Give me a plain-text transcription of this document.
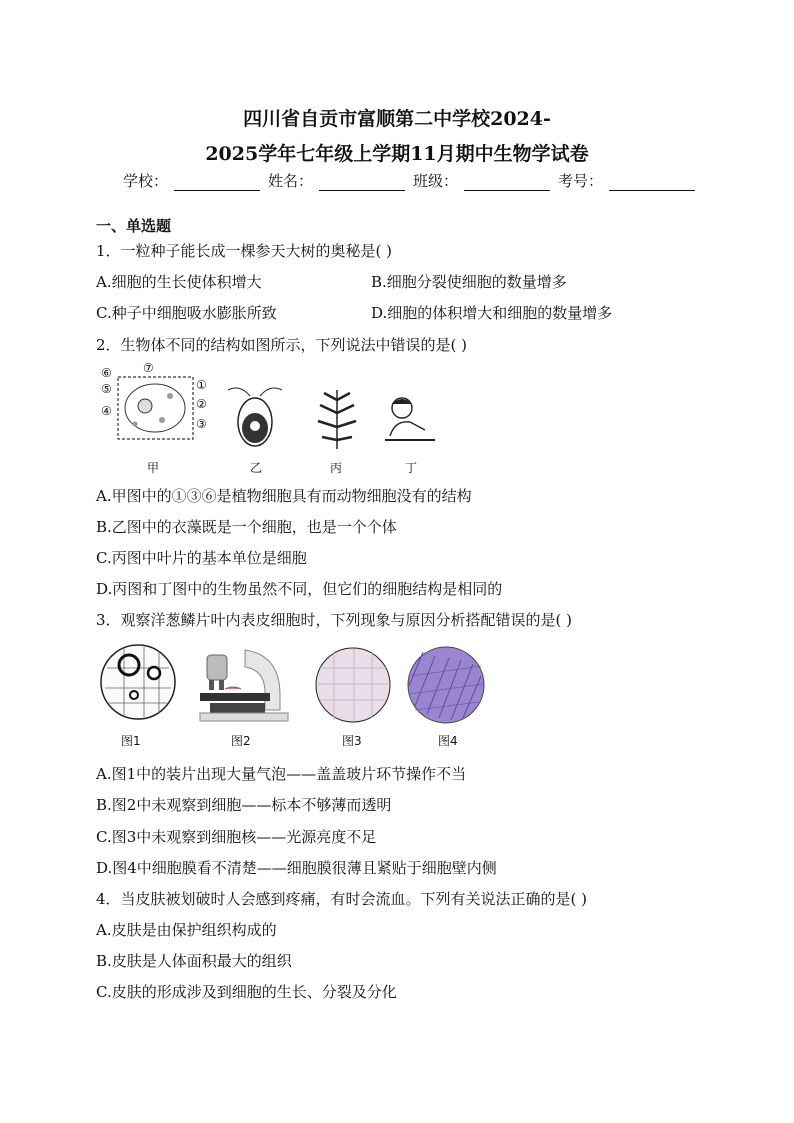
四川省自贡市富顺第二中学校2024-
2025学年七年级上学期11月期中生物学试卷
学校：	姓名：	班级：	考号：
一、单选题
1．一粒种子能长成一棵参天大树的奥秘是( )
A.细胞的生长使体积增大	B.细胞分裂使细胞的数量增多
C.种子中细胞吸水膨胀所致	D.细胞的体积增大和细胞的数量增多
2．生物体不同的结构如图所示，下列说法中错误的是( )
⑥
⑤
④
⑦
①
②
③
甲	乙	丙	丁
A.甲图中的①③⑥是植物细胞具有而动物细胞没有的结构
B.乙图中的衣藻既是一个细胞，也是一个个体
C.丙图中叶片的基本单位是细胞
D.丙图和丁图中的生物虽然不同，但它们的细胞结构是相同的
3．观察洋葱鳞片叶内表皮细胞时，下列现象与原因分析搭配错误的是( )
图1	图2	图3	图4
A.图1中的装片出现大量气泡——盖盖玻片环节操作不当
B.图2中未观察到细胞——标本不够薄而透明
C.图3中未观察到细胞核——光源亮度不足
D.图4中细胞膜看不清楚——细胞膜很薄且紧贴于细胞壁内侧
4．当皮肤被划破时人会感到疼痛，有时会流血。下列有关说法正确的是( )
A.皮肤是由保护组织构成的
B.皮肤是人体面积最大的组织
C.皮肤的形成涉及到细胞的生长、分裂及分化
